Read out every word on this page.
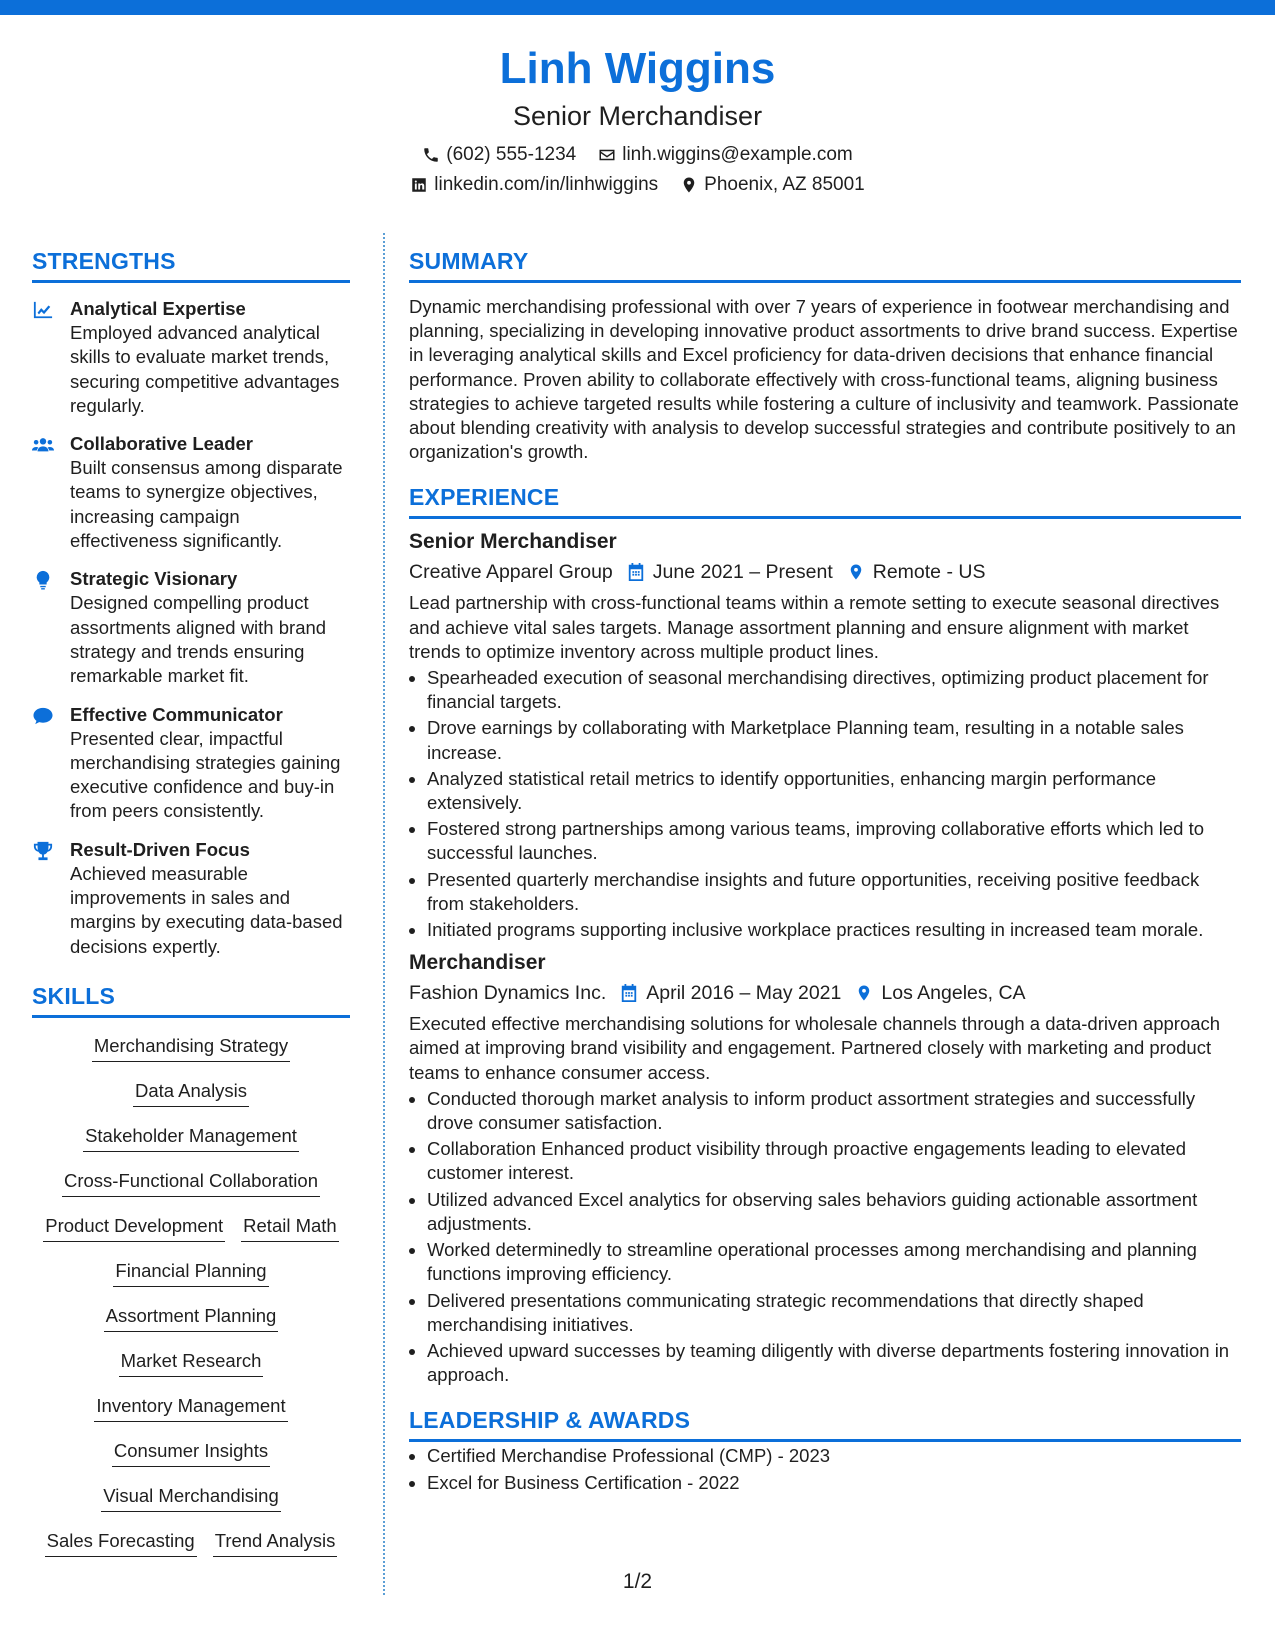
Linh Wiggins
Senior Merchandiser
(602) 555-1234 linh.wiggins@example.com
linkedin.com/in/linhwiggins Phoenix, AZ 85001
STRENGTHS
Analytical Expertise
Employed advanced analytical skills to evaluate market trends, securing competitive advantages regularly.
Collaborative Leader
Built consensus among disparate teams to synergize objectives, increasing campaign effectiveness significantly.
Strategic Visionary
Designed compelling product assortments aligned with brand strategy and trends ensuring remarkable market fit.
Effective Communicator
Presented clear, impactful merchandising strategies gaining executive confidence and buy-in from peers consistently.
Result-Driven Focus
Achieved measurable improvements in sales and margins by executing data-based decisions expertly.
SKILLS
Merchandising Strategy
Data Analysis
Stakeholder Management
Cross-Functional Collaboration
Product Development Retail Math
Financial Planning
Assortment Planning
Market Research
Inventory Management
Consumer Insights
Visual Merchandising
Sales Forecasting Trend Analysis
SUMMARY
Dynamic merchandising professional with over 7 years of experience in footwear merchandising and planning, specializing in developing innovative product assortments to drive brand success. Expertise in leveraging analytical skills and Excel proficiency for data-driven decisions that enhance financial performance. Proven ability to collaborate effectively with cross-functional teams, aligning business strategies to achieve targeted results while fostering a culture of inclusivity and teamwork. Passionate about blending creativity with analysis to develop successful strategies and contribute positively to an organization's growth.
EXPERIENCE
Senior Merchandiser
Creative Apparel Group June 2021 – Present Remote - US
Lead partnership with cross-functional teams within a remote setting to execute seasonal directives and achieve vital sales targets. Manage assortment planning and ensure alignment with market trends to optimize inventory across multiple product lines.
• Spearheaded execution of seasonal merchandising directives, optimizing product placement for financial targets.
• Drove earnings by collaborating with Marketplace Planning team, resulting in a notable sales increase.
• Analyzed statistical retail metrics to identify opportunities, enhancing margin performance extensively.
• Fostered strong partnerships among various teams, improving collaborative efforts which led to successful launches.
• Presented quarterly merchandise insights and future opportunities, receiving positive feedback from stakeholders.
• Initiated programs supporting inclusive workplace practices resulting in increased team morale.
Merchandiser
Fashion Dynamics Inc. April 2016 – May 2021 Los Angeles, CA
Executed effective merchandising solutions for wholesale channels through a data-driven approach aimed at improving brand visibility and engagement. Partnered closely with marketing and product teams to enhance consumer access.
• Conducted thorough market analysis to inform product assortment strategies and successfully drove consumer satisfaction.
• Collaboration Enhanced product visibility through proactive engagements leading to elevated customer interest.
• Utilized advanced Excel analytics for observing sales behaviors guiding actionable assortment adjustments.
• Worked determinedly to streamline operational processes among merchandising and planning functions improving efficiency.
• Delivered presentations communicating strategic recommendations that directly shaped merchandising initiatives.
• Achieved upward successes by teaming diligently with diverse departments fostering innovation in approach.
LEADERSHIP & AWARDS
• Certified Merchandise Professional (CMP) - 2023
• Excel for Business Certification - 2022
1/2
